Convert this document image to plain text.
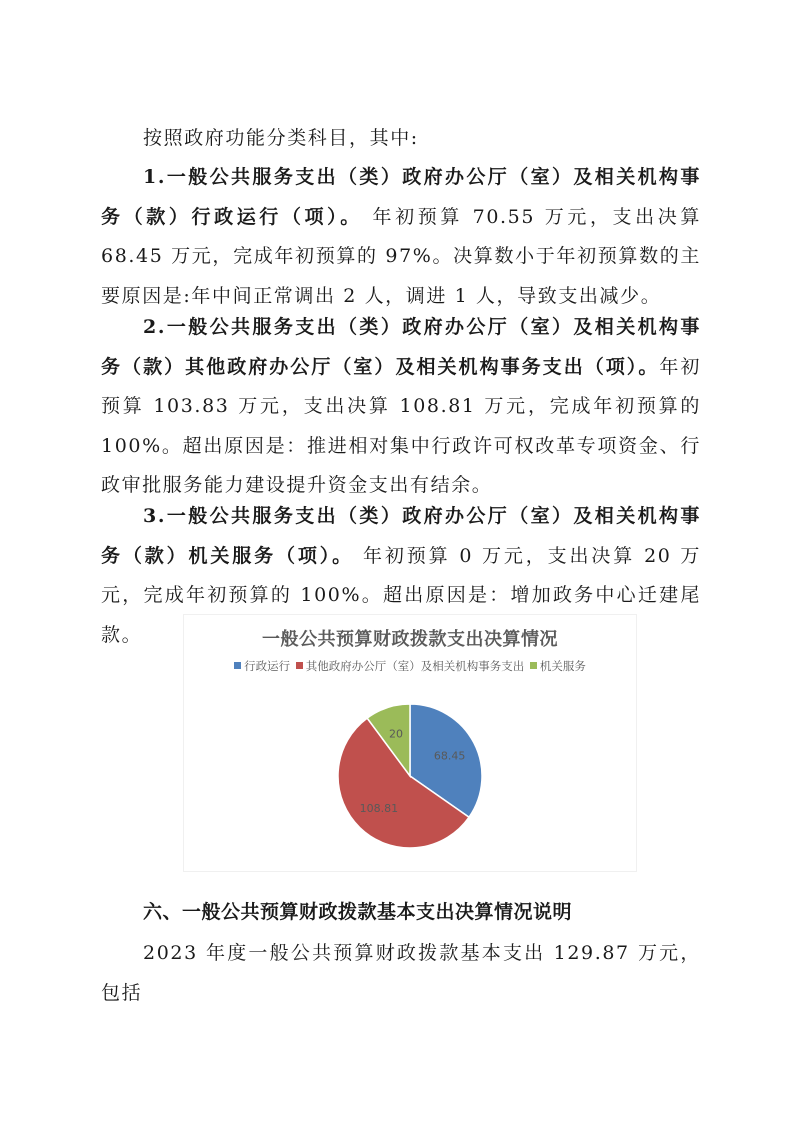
按照政府功能分类科目，其中:
1.一般公共服务支出（类）政府办公厅（室）及相关机构事务（款）行政运行（项）。 年初预算 70.55 万元，支出决算 68.45 万元，完成年初预算的 97%。决算数小于年初预算数的主要原因是:年中间正常调出 2 人，调进 1 人，导致支出减少。
2.一般公共服务支出（类）政府办公厅（室）及相关机构事务（款）其他政府办公厅（室）及相关机构事务支出（项）。年初预算 103.83 万元，支出决算 108.81 万元，完成年初预算的 100%。超出原因是：推进相对集中行政许可权改革专项资金、行政审批服务能力建设提升资金支出有结余。
3.一般公共服务支出（类）政府办公厅（室）及相关机构事务（款）机关服务（项）。 年初预算 0 万元，支出决算 20 万元，完成年初预算的 100%。超出原因是：增加政务中心迁建尾款。	一般公共预算财政拨款支出决算情况
行政运行 其他政府办公厅（室）及相关机构事务支出 机关服务
68.45
108.81
20
六、一般公共预算财政拨款基本支出决算情况说明
2023 年度一般公共预算财政拨款基本支出 129.87 万元，包括
